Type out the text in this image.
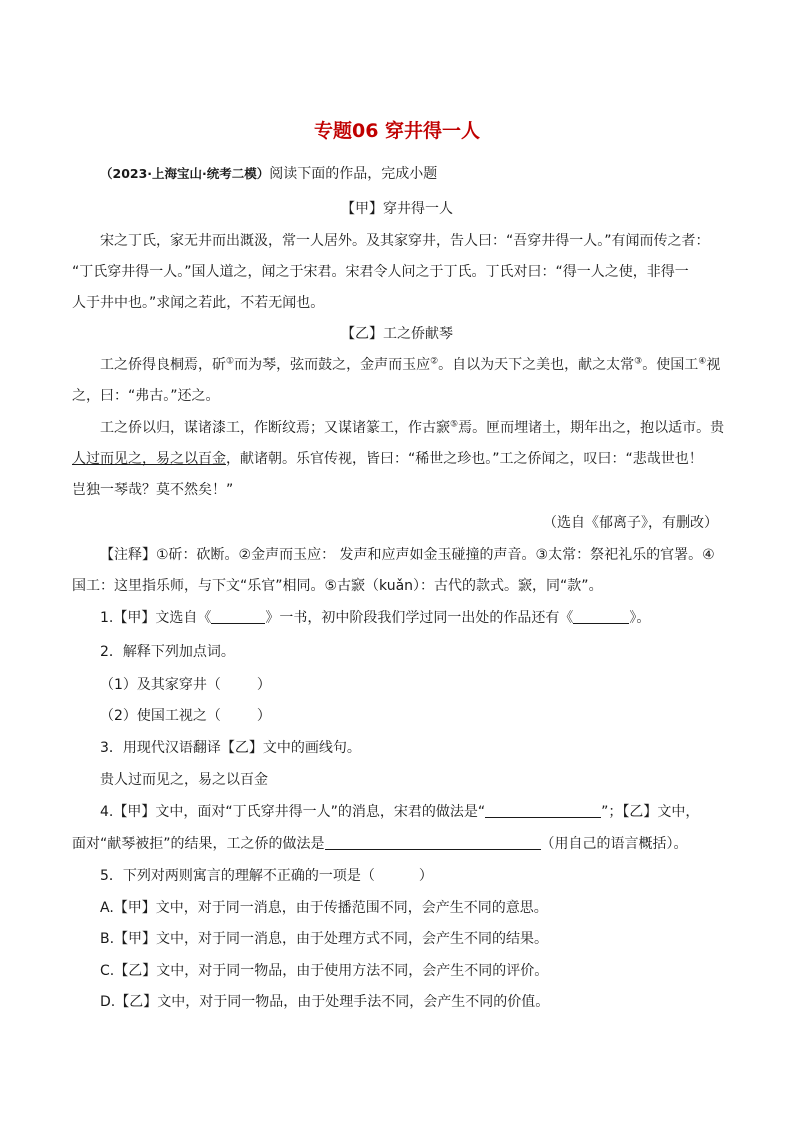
专题06 穿井得一人
（2023·上海宝山·统考二模）阅读下面的作品，完成小题
【甲】穿井得一人
宋之丁氏，家无井而出溉汲，常一人居外。及其家穿井，告人曰：“吾穿井得一人。”有闻而传之者：
“丁氏穿井得一人。”国人道之，闻之于宋君。宋君令人问之于丁氏。丁氏对曰：“得一人之使，非得一
人于井中也。”求闻之若此，不若无闻也。
【乙】工之侨献琴
工之侨得良桐焉，斫①而为琴，弦而鼓之，金声而玉应②。自以为天下之美也，献之太常③。使国工④视
之，曰：“弗古。”还之。
工之侨以归，谋诸漆工，作断纹焉；又谋诸篆工，作古窾⑤焉。匣而埋诸土，期年出之，抱以适市。贵
人过而见之，易之以百金，献诸朝。乐官传视，皆曰：“稀世之珍也。”工之侨闻之，叹曰：“悲哉世也！
岂独一琴哉？莫不然矣！”
（选自《郁离子》，有删改）
【注释】①斫：砍断。②金声而玉应： 发声和应声如金玉碰撞的声音。③太常：祭祀礼乐的官署。④
国工：这里指乐师，与下文“乐官”相同。⑤古窾（kuǎn）：古代的款式。窾，同“款”。
1.【甲】文选自《	》一书，初中阶段我们学过同一出处的作品还有《	》。
2．解释下列加点词。
（1）及其家穿井（	）
（2）使国工视之（	）
3．用现代汉语翻译【乙】文中的画线句。
贵人过而见之，易之以百金
4.【甲】文中，面对“丁氏穿井得一人”的消息，宋君的做法是“	”；【乙】文中，
面对“献琴被拒”的结果，工之侨的做法是	（用自己的语言概括）。
5．下列对两则寓言的理解不正确的一项是（	）
A.【甲】文中，对于同一消息，由于传播范围不同，会产生不同的意思。
B.【甲】文中，对于同一消息，由于处理方式不同，会产生不同的结果。
C.【乙】文中，对于同一物品，由于使用方法不同，会产生不同的评价。
D.【乙】文中，对于同一物品，由于处理手法不同，会产生不同的价值。
